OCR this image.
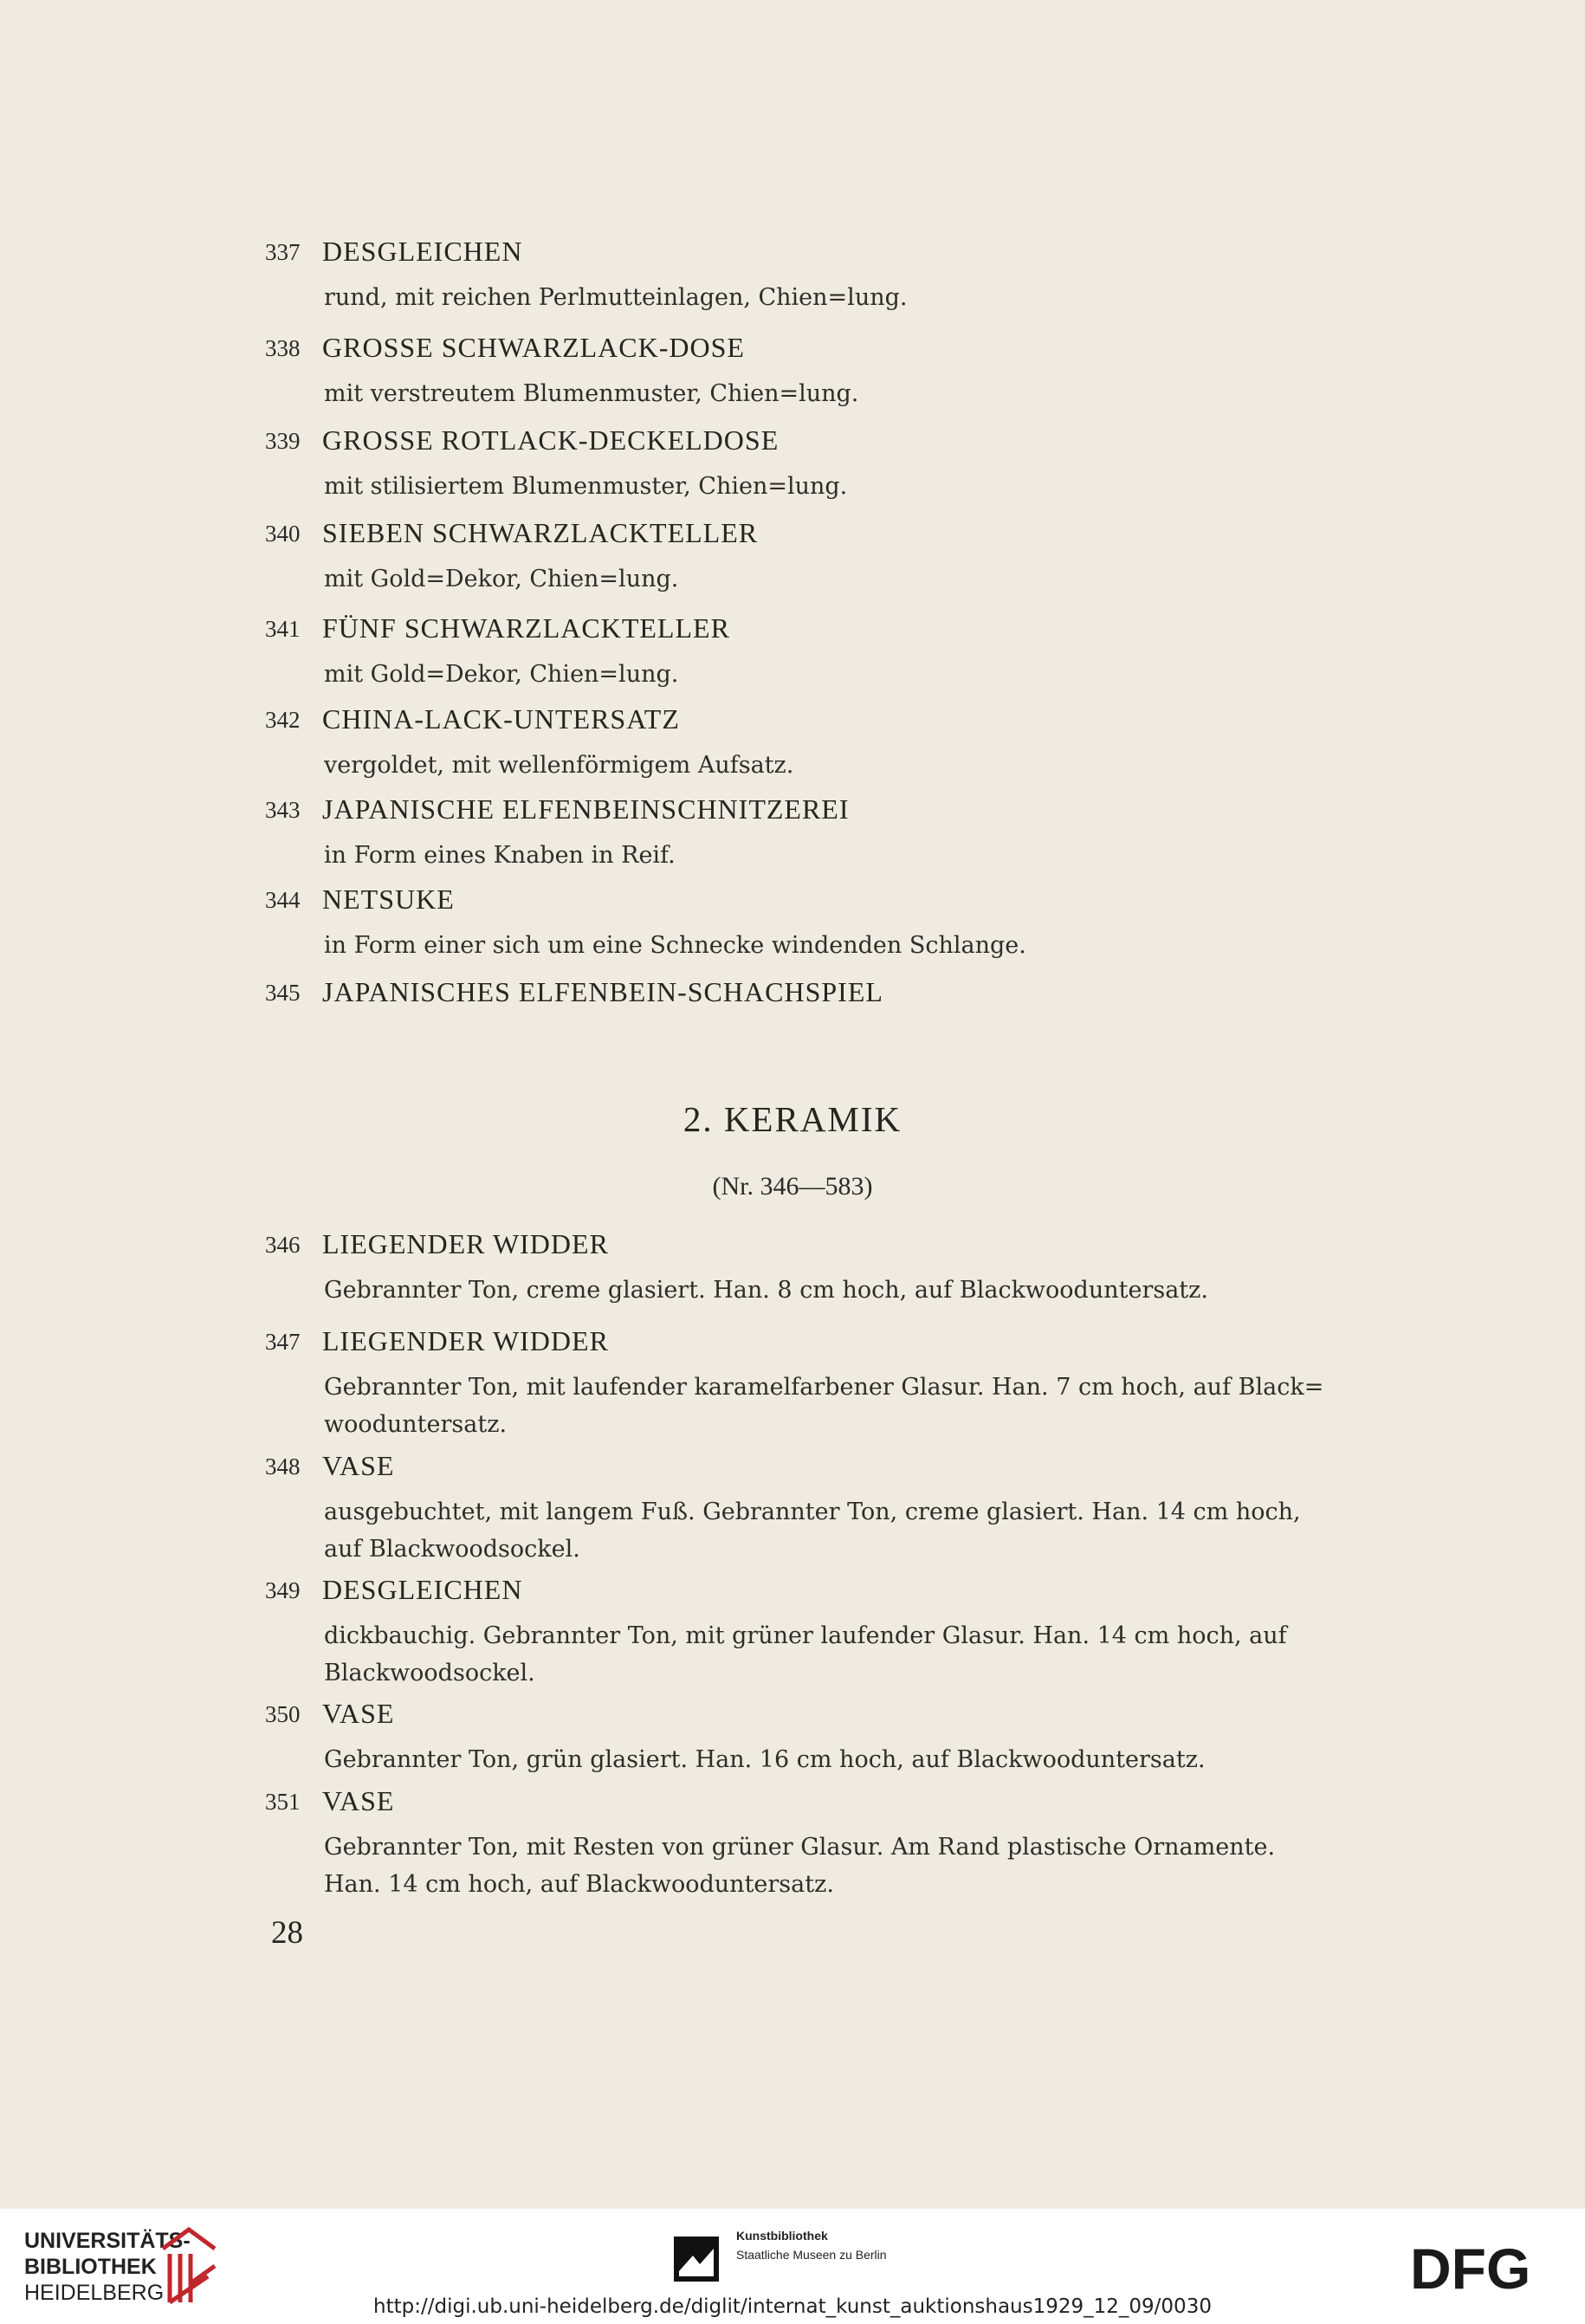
337 DESGLEICHEN
rund, mit reichen Perlmutteinlagen, Chien=lung.
338 GROSSE SCHWARZLACK-DOSE
mit verstreutem Blumenmuster, Chien=lung.
339 GROSSE ROTLACK-DECKELDOSE
mit stilisiertem Blumenmuster, Chien=lung.
340 SIEBEN SCHWARZLACKTELLER
mit Gold=Dekor, Chien=lung.
341 FÜNF SCHWARZLACKTELLER
mit Gold=Dekor, Chien=lung.
342 CHINA-LACK-UNTERSATZ
vergoldet, mit wellenförmigem Aufsatz.
343 JAPANISCHE ELFENBEINSCHNITZEREI
in Form eines Knaben in Reif.
344 NETSUKE
in Form einer sich um eine Schnecke windenden Schlange.
345 JAPANISCHES ELFENBEIN-SCHACHSPIEL
346 LIEGENDER WIDDER
Gebrannter Ton, creme glasiert. Han. 8 cm hoch, auf Blackwooduntersatz.
347 LIEGENDER WIDDER
Gebrannter Ton, mit laufender karamelfarbener Glasur. Han. 7 cm hoch, auf Black=
wooduntersatz.
348 VASE
ausgebuchtet, mit langem Fuß. Gebrannter Ton, creme glasiert. Han. 14 cm hoch,
auf Blackwoodsockel.
349 DESGLEICHEN
dickbauchig. Gebrannter Ton, mit grüner laufender Glasur. Han. 14 cm hoch, auf
Blackwoodsockel.
350 VASE
Gebrannter Ton, grün glasiert. Han. 16 cm hoch, auf Blackwooduntersatz.
351 VASE
Gebrannter Ton, mit Resten von grüner Glasur. Am Rand plastische Ornamente.
Han. 14 cm hoch, auf Blackwooduntersatz.
2. KERAMIK
(Nr. 346—583)
28
UNIVERSITÄTS-
BIBLIOTHEK
HEIDELBERG
Kunstbibliothek
Staatliche Museen zu Berlin	DFG
http://digi.ub.uni-heidelberg.de/diglit/internat_kunst_auktionshaus1929_12_09/0030
